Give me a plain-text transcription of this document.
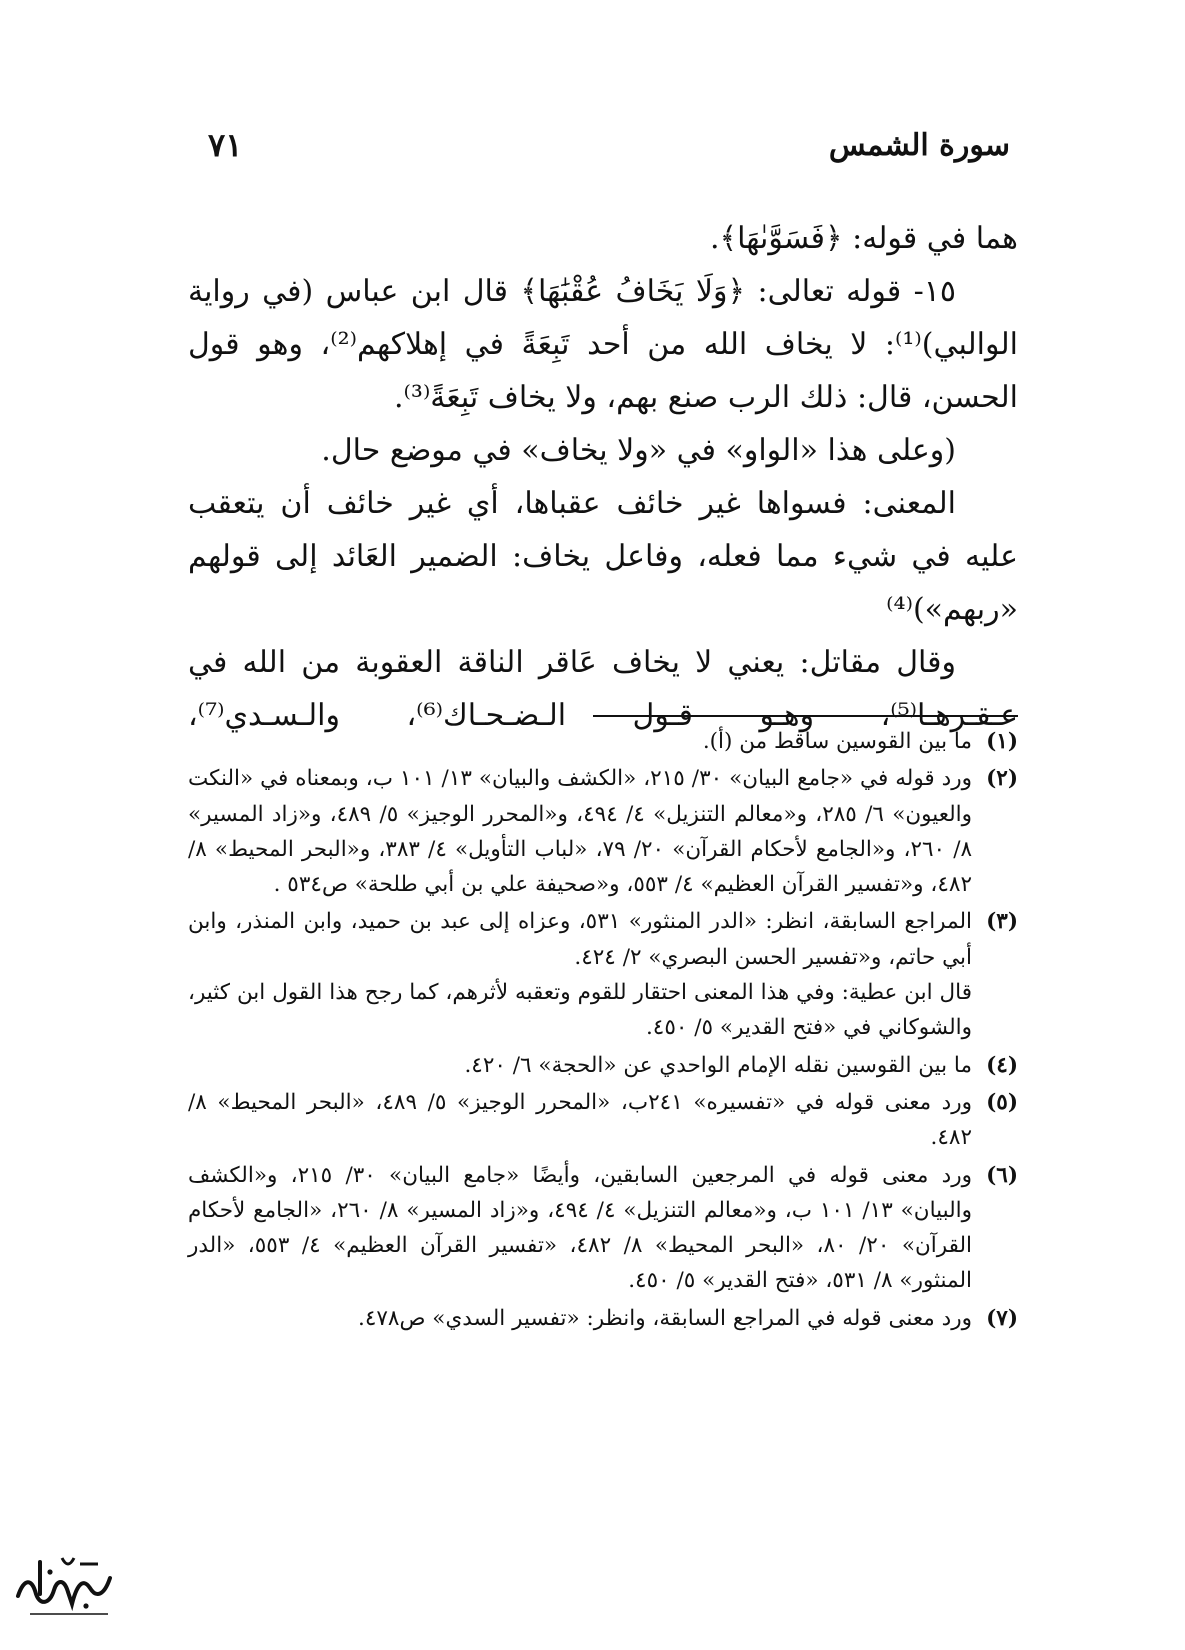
سورة الشمس
٧١

هما في قوله: ﴿فَسَوَّىٰهَا﴾.

١٥- قوله تعالى: ﴿وَلَا يَخَافُ عُقْبَٰهَا﴾ قال ابن عباس (في رواية الوالبي)⁽¹⁾: لا يخاف الله من أحد تَبِعَةً في إهلاكهم⁽²⁾، وهو قول الحسن، قال: ذلك الرب صنع بهم، ولا يخاف تَبِعَةً⁽³⁾.

(وعلى هذا «الواو» في «ولا يخاف» في موضع حال.

المعنى: فسواها غير خائف عقباها، أي غير خائف أن يتعقب عليه في شيء مما فعله، وفاعل يخاف: الضمير العَائد إلى قولهم «ربهم»)⁽⁴⁾

وقال مقاتل: يعني لا يخاف عَاقر الناقة العقوبة من الله في عـقـرهـا⁽⁵⁾، وهـو قـول الـضـحـاك⁽⁶⁾، والـسـدي⁽⁷⁾،

(١)
ما بين القوسين ساقط من (أ).
(٢)
ورد قوله في «جامع البيان» ٣٠/ ٢١٥، «الكشف والبيان» ١٣/ ١٠١ ب، وبمعناه في «النكت والعيون» ٦/ ٢٨٥، و«معالم التنزيل» ٤/ ٤٩٤، و«المحرر الوجيز» ٥/ ٤٨٩، و«زاد المسير» ٨/ ٢٦٠، و«الجامع لأحكام القرآن» ٢٠/ ٧٩، «لباب التأويل» ٤/ ٣٨٣، و«البحر المحيط» ٨/ ٤٨٢، و«تفسير القرآن العظيم» ٤/ ٥٥٣، و«صحيفة علي بن أبي طلحة» ص٥٣٤ .
(٣)
المراجع السابقة، انظر: «الدر المنثور» ٥٣١، وعزاه إلى عبد بن حميد، وابن المنذر، وابن أبي حاتم، و«تفسير الحسن البصري» ٢/ ٤٢٤.
قال ابن عطية: وفي هذا المعنى احتقار للقوم وتعقبه لأثرهم، كما رجح هذا القول ابن كثير، والشوكاني في «فتح القدير» ٥/ ٤٥٠.
(٤)
ما بين القوسين نقله الإمام الواحدي عن «الحجة» ٦/ ٤٢٠.
(٥)
ورد معنى قوله في «تفسيره» ٢٤١ب، «المحرر الوجيز» ٥/ ٤٨٩، «البحر المحيط» ٨/ ٤٨٢.
(٦)
ورد معنى قوله في المرجعين السابقين، وأيضًا «جامع البيان» ٣٠/ ٢١٥، و«الكشف والبيان» ١٣/ ١٠١ ب، و«معالم التنزيل» ٤/ ٤٩٤، و«زاد المسير» ٨/ ٢٦٠، «الجامع لأحكام القرآن» ٢٠/ ٨٠، «البحر المحيط» ٨/ ٤٨٢، «تفسير القرآن العظيم» ٤/ ٥٥٣، «الدر المنثور» ٨/ ٥٣١، «فتح القدير» ٥/ ٤٥٠.
(٧)
ورد معنى قوله في المراجع السابقة، وانظر: «تفسير السدي» ص٤٧٨.
